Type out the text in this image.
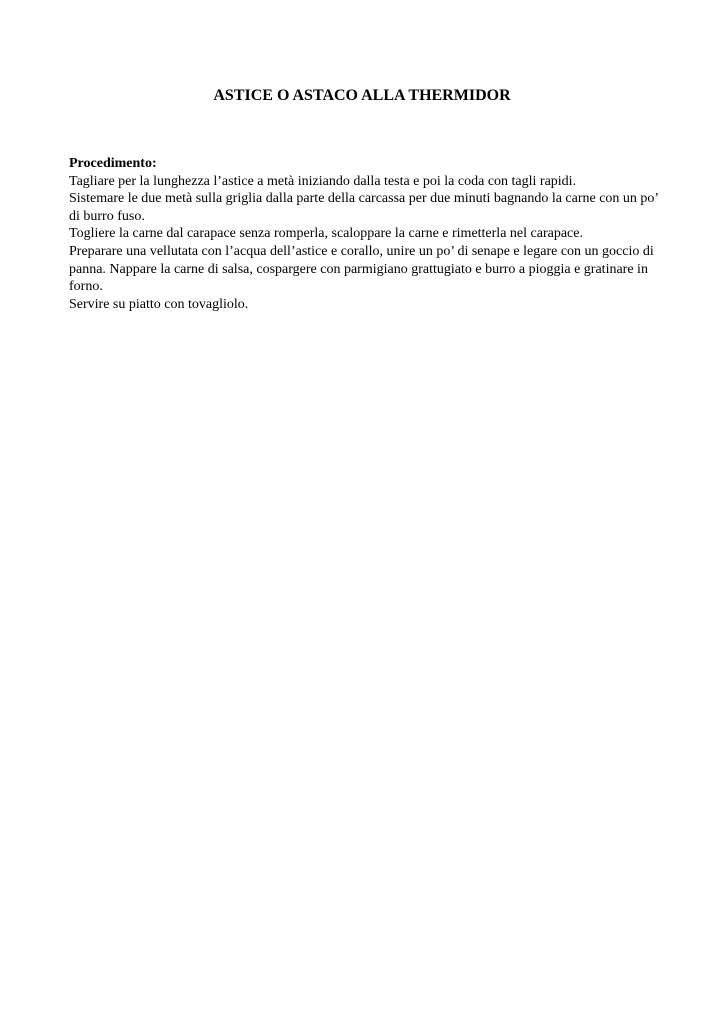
ASTICE O ASTACO ALLA THERMIDOR
Procedimento:
Tagliare per la lunghezza l’astice a metà iniziando dalla testa e poi la coda con tagli rapidi.
Sistemare le due metà sulla griglia dalla parte della carcassa per due minuti bagnando la carne con un po’ di burro fuso.
Togliere la carne dal carapace senza romperla, scaloppare la carne e rimetterla nel carapace.
Preparare una vellutata con l’acqua dell’astice e corallo, unire un po’ di senape e legare con un goccio di panna. Nappare la carne di salsa, cospargere con parmigiano grattugiato e burro a pioggia e gratinare in forno.
Servire su piatto con tovagliolo.
